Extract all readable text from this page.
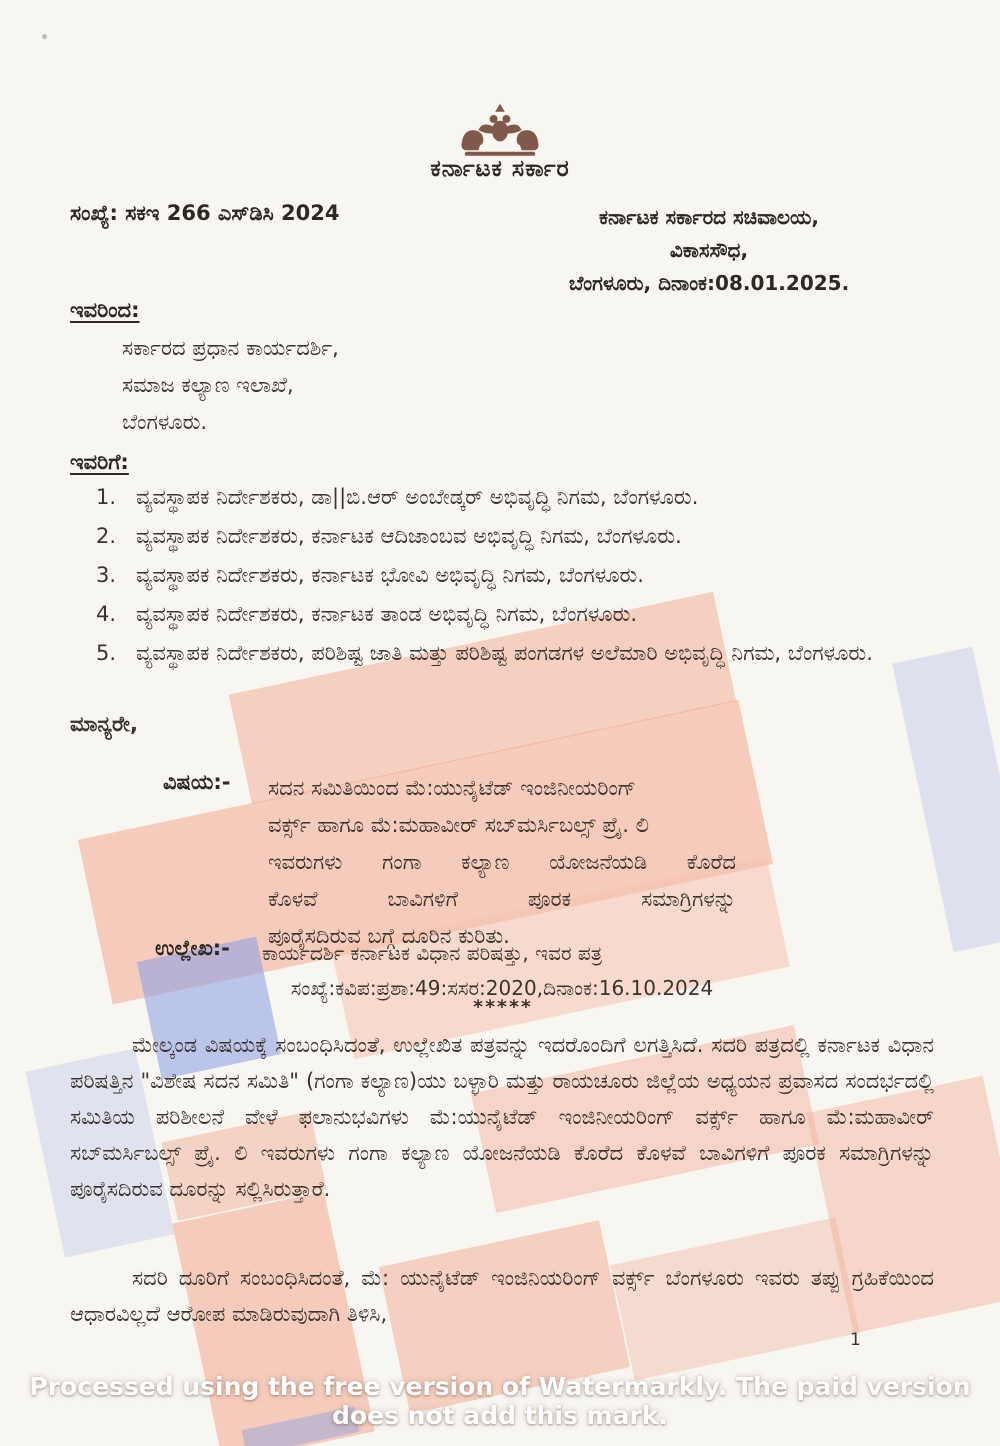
ಕರ್ನಾಟಕ ಸರ್ಕಾರ
ಸಂಖ್ಯೆ: ಸಕಇ 266 ಎಸ್‌ಡಿಸಿ 2024	ಕರ್ನಾಟಕ ಸರ್ಕಾರದ ಸಚಿವಾಲಯ,
ವಿಕಾಸಸೌಧ,
ಬೆಂಗಳೂರು, ದಿನಾಂಕ:08.01.2025.
ಇವರಿಂದ:
ಸರ್ಕಾರದ ಪ್ರಧಾನ ಕಾರ್ಯದರ್ಶಿ,
ಸಮಾಜ ಕಲ್ಯಾಣ ಇಲಾಖೆ,
ಬೆಂಗಳೂರು.
ಇವರಿಗೆ:
ವ್ಯವಸ್ಥಾಪಕ ನಿರ್ದೇಶಕರು, ಡಾ||ಬಿ.ಆರ್ ಅಂಬೇಡ್ಕರ್ ಅಭಿವೃದ್ಧಿ ನಿಗಮ, ಬೆಂಗಳೂರು.
ವ್ಯವಸ್ಥಾಪಕ ನಿರ್ದೇಶಕರು, ಕರ್ನಾಟಕ ಆದಿಜಾಂಬವ ಅಭಿವೃದ್ಧಿ ನಿಗಮ, ಬೆಂಗಳೂರು.
ವ್ಯವಸ್ಥಾಪಕ ನಿರ್ದೇಶಕರು, ಕರ್ನಾಟಕ ಭೋವಿ ಅಭಿವೃದ್ಧಿ ನಿಗಮ, ಬೆಂಗಳೂರು.
ವ್ಯವಸ್ಥಾಪಕ ನಿರ್ದೇಶಕರು, ಕರ್ನಾಟಕ ತಾಂಡ ಅಭಿವೃದ್ಧಿ ನಿಗಮ, ಬೆಂಗಳೂರು.
ವ್ಯವಸ್ಥಾಪಕ ನಿರ್ದೇಶಕರು, ಪರಿಶಿಷ್ಟ ಜಾತಿ ಮತ್ತು ಪರಿಶಿಷ್ಟ ಪಂಗಡಗಳ ಅಲೆಮಾರಿ ಅಭಿವೃದ್ಧಿ ನಿಗಮ, ಬೆಂಗಳೂರು.
ಮಾನ್ಯರೇ,
ವಿಷಯ:- ಸದನ ಸಮಿತಿಯಿಂದ ಮೆ:ಯುನೈಟೆಡ್ ಇಂಜಿನೀಯರಿಂಗ್
ವರ್ಕ್ಸ್ ಹಾಗೂ ಮೆ:ಮಹಾವೀರ್ ಸಬ್‌ಮರ್ಸಿಬಲ್ಸ್ ಪ್ರೈ. ಲಿ
ಇವರುಗಳು ಗಂಗಾ ಕಲ್ಯಾಣ ಯೋಜನೆಯಡಿ ಕೊರೆದ
ಕೊಳವೆ ಬಾವಿಗಳಿಗೆ ಪೂರಕ ಸಮಾಗ್ರಿಗಳನ್ನು
ಪೂರೈಸದಿರುವ ಬಗ್ಗೆ ದೂರಿನ ಕುರಿತು.
ಉಲ್ಲೇಖ:- ಕಾರ್ಯದರ್ಶಿ ಕರ್ನಾಟಕ ವಿಧಾನ ಪರಿಷತ್ತು, ಇವರ ಪತ್ರ
ಸಂಖ್ಯೆ:ಕವಿಪ:ಪ್ರಶಾ:49:ಸಸರ:2020,ದಿನಾಂಕ:16.10.2024
*****

ಮೇಲ್ಕಂಡ ವಿಷಯಕ್ಕೆ ಸಂಬಂಧಿಸಿದಂತೆ, ಉಲ್ಲೇಖಿತ ಪತ್ರವನ್ನು ಇದರೊಂದಿಗೆ ಲಗತ್ತಿಸಿದೆ. ಸದರಿ ಪತ್ರದಲ್ಲಿ ಕರ್ನಾಟಕ ವಿಧಾನ ಪರಿಷತ್ತಿನ "ವಿಶೇಷ ಸದನ ಸಮಿತಿ" (ಗಂಗಾ ಕಲ್ಯಾಣ)ಯು ಬಳ್ಳಾರಿ ಮತ್ತು ರಾಯಚೂರು ಜಿಲ್ಲೆಯ ಅಧ್ಯಯನ ಪ್ರವಾಸದ ಸಂದರ್ಭದಲ್ಲಿ ಸಮಿತಿಯ ಪರಿಶೀಲನೆ ವೇಳೆ ಫಲಾನುಭವಿಗಳು ಮೆ:ಯುನೈಟೆಡ್ ಇಂಜಿನೀಯರಿಂಗ್ ವರ್ಕ್ಸ್ ಹಾಗೂ ಮೆ:ಮಹಾವೀರ್ ಸಬ್‌ಮರ್ಸಿಬಲ್ಸ್ ಪ್ರೈ. ಲಿ ಇವರುಗಳು ಗಂಗಾ ಕಲ್ಯಾಣ ಯೋಜನೆಯಡಿ ಕೊರೆದ ಕೊಳವೆ ಬಾವಿಗಳಿಗೆ ಪೂರಕ ಸಮಾಗ್ರಿಗಳನ್ನು ಪೂರೈಸದಿರುವ ದೂರನ್ನು ಸಲ್ಲಿಸಿರುತ್ತಾರೆ.

ಸದರಿ ದೂರಿಗೆ ಸಂಬಂಧಿಸಿದಂತೆ, ಮೆ: ಯುನೈಟೆಡ್ ಇಂಜಿನಿಯರಿಂಗ್ ವರ್ಕ್ಸ್ ಬೆಂಗಳೂರು ಇವರು ತಪ್ಪು ಗ್ರಹಿಕೆಯಿಂದ ಆಧಾರವಿಲ್ಲದೆ ಆರೋಪ ಮಾಡಿರುವುದಾಗಿ ತಿಳಿಸಿ,

1
Processed using the free version of Watermarkly. The paid version does not add this mark.
